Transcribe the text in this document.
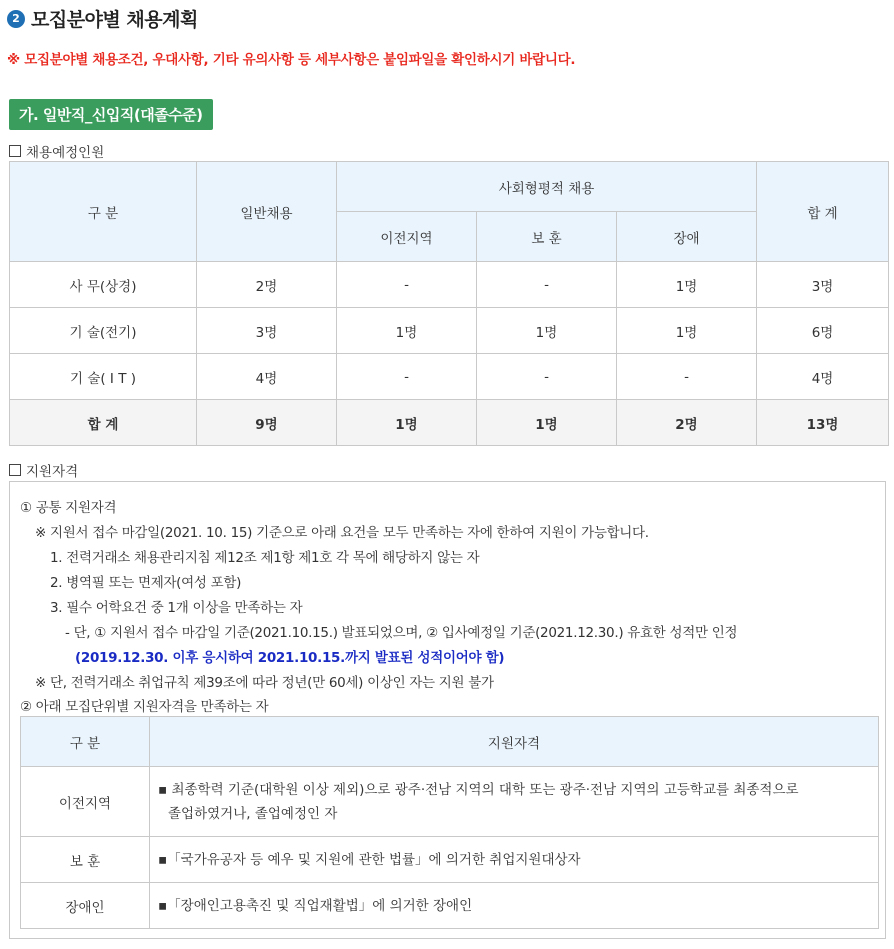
2 모집분야별 채용계획
※ 모집분야별 채용조건, 우대사항, 기타 유의사항 등 세부사항은 붙임파일을 확인하시기 바랍니다.
가. 일반직_신입직(대졸수준)
채용예정인원
구 분	일반채용	사회형평적 채용			합 계
		이전지역	보 훈	장애	
사 무(상경)	2명	-	-	1명	3명
기 술(전기)	3명	1명	1명	1명	6명
기 술( I T )	4명	-	-	-	4명
합 계	9명	1명	1명	2명	13명
지원자격
① 공통 지원자격
※ 지원서 접수 마감일(2021. 10. 15) 기준으로 아래 요건을 모두 만족하는 자에 한하여 지원이 가능합니다.
1. 전력거래소 채용관리지침 제12조 제1항 제1호 각 목에 해당하지 않는 자
2. 병역필 또는 면제자(여성 포함)
3. 필수 어학요건 중 1개 이상을 만족하는 자
- 단, ① 지원서 접수 마감일 기준(2021.10.15.) 발표되었으며, ② 입사예정일 기준(2021.12.30.) 유효한 성적만 인정
(2019.12.30. 이후 응시하여 2021.10.15.까지 발표된 성적이어야 함)
※ 단, 전력거래소 취업규칙 제39조에 따라 정년(만 60세) 이상인 자는 지원 불가
② 아래 모집단위별 지원자격을 만족하는 자
구 분	지원자격
이전지역	▪ 최종학력 기준(대학원 이상 제외)으로 광주·전남 지역의 대학 또는 광주·전남 지역의 고등학교를 최종적으로
졸업하였거나, 졸업예정인 자

보 훈	▪「국가유공자 등 예우 및 지원에 관한 법률」에 의거한 취업지원대상자
장애인	▪「장애인고용촉진 및 직업재활법」에 의거한 장애인
